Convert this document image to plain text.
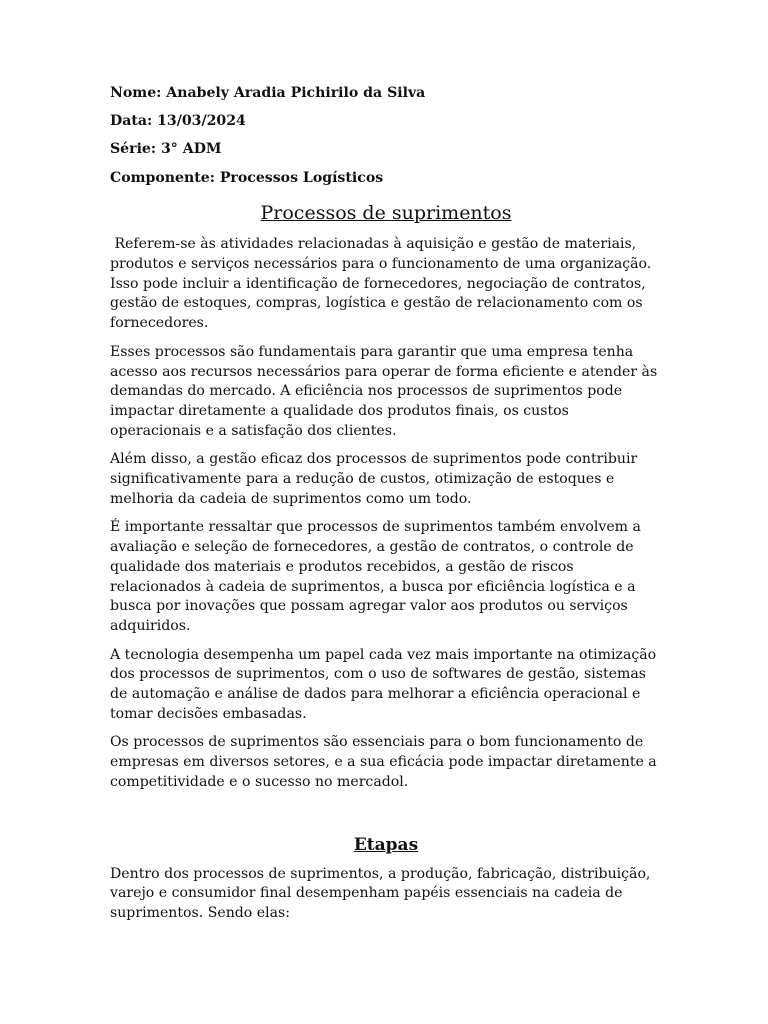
Nome: Anabely Aradia Pichirilo da Silva
Data: 13/03/2024
Série: 3° ADM
Componente: Processos Logísticos
Processos de suprimentos

Referem-se às atividades relacionadas à aquisição e gestão de materiais, produtos e serviços necessários para o funcionamento de uma organização. Isso pode incluir a identificação de fornecedores, negociação de contratos, gestão de estoques, compras, logística e gestão de relacionamento com os fornecedores.

Esses processos são fundamentais para garantir que uma empresa tenha acesso aos recursos necessários para operar de forma eficiente e atender às demandas do mercado. A eficiência nos processos de suprimentos pode impactar diretamente a qualidade dos produtos finais, os custos operacionais e a satisfação dos clientes.

Além disso, a gestão eficaz dos processos de suprimentos pode contribuir significativamente para a redução de custos, otimização de estoques e melhoria da cadeia de suprimentos como um todo.

É importante ressaltar que processos de suprimentos também envolvem a avaliação e seleção de fornecedores, a gestão de contratos, o controle de qualidade dos materiais e produtos recebidos, a gestão de riscos relacionados à cadeia de suprimentos, a busca por eficiência logística e a busca por inovações que possam agregar valor aos produtos ou serviços adquiridos.

A tecnologia desempenha um papel cada vez mais importante na otimização dos processos de suprimentos, com o uso de softwares de gestão, sistemas de automação e análise de dados para melhorar a eficiência operacional e tomar decisões embasadas.

Os processos de suprimentos são essenciais para o bom funcionamento de empresas em diversos setores, e a sua eficácia pode impactar diretamente a competitividade e o sucesso no mercadol.

Etapas

Dentro dos processos de suprimentos, a produção, fabricação, distribuição, varejo e consumidor final desempenham papéis essenciais na cadeia de suprimentos. Sendo elas:
